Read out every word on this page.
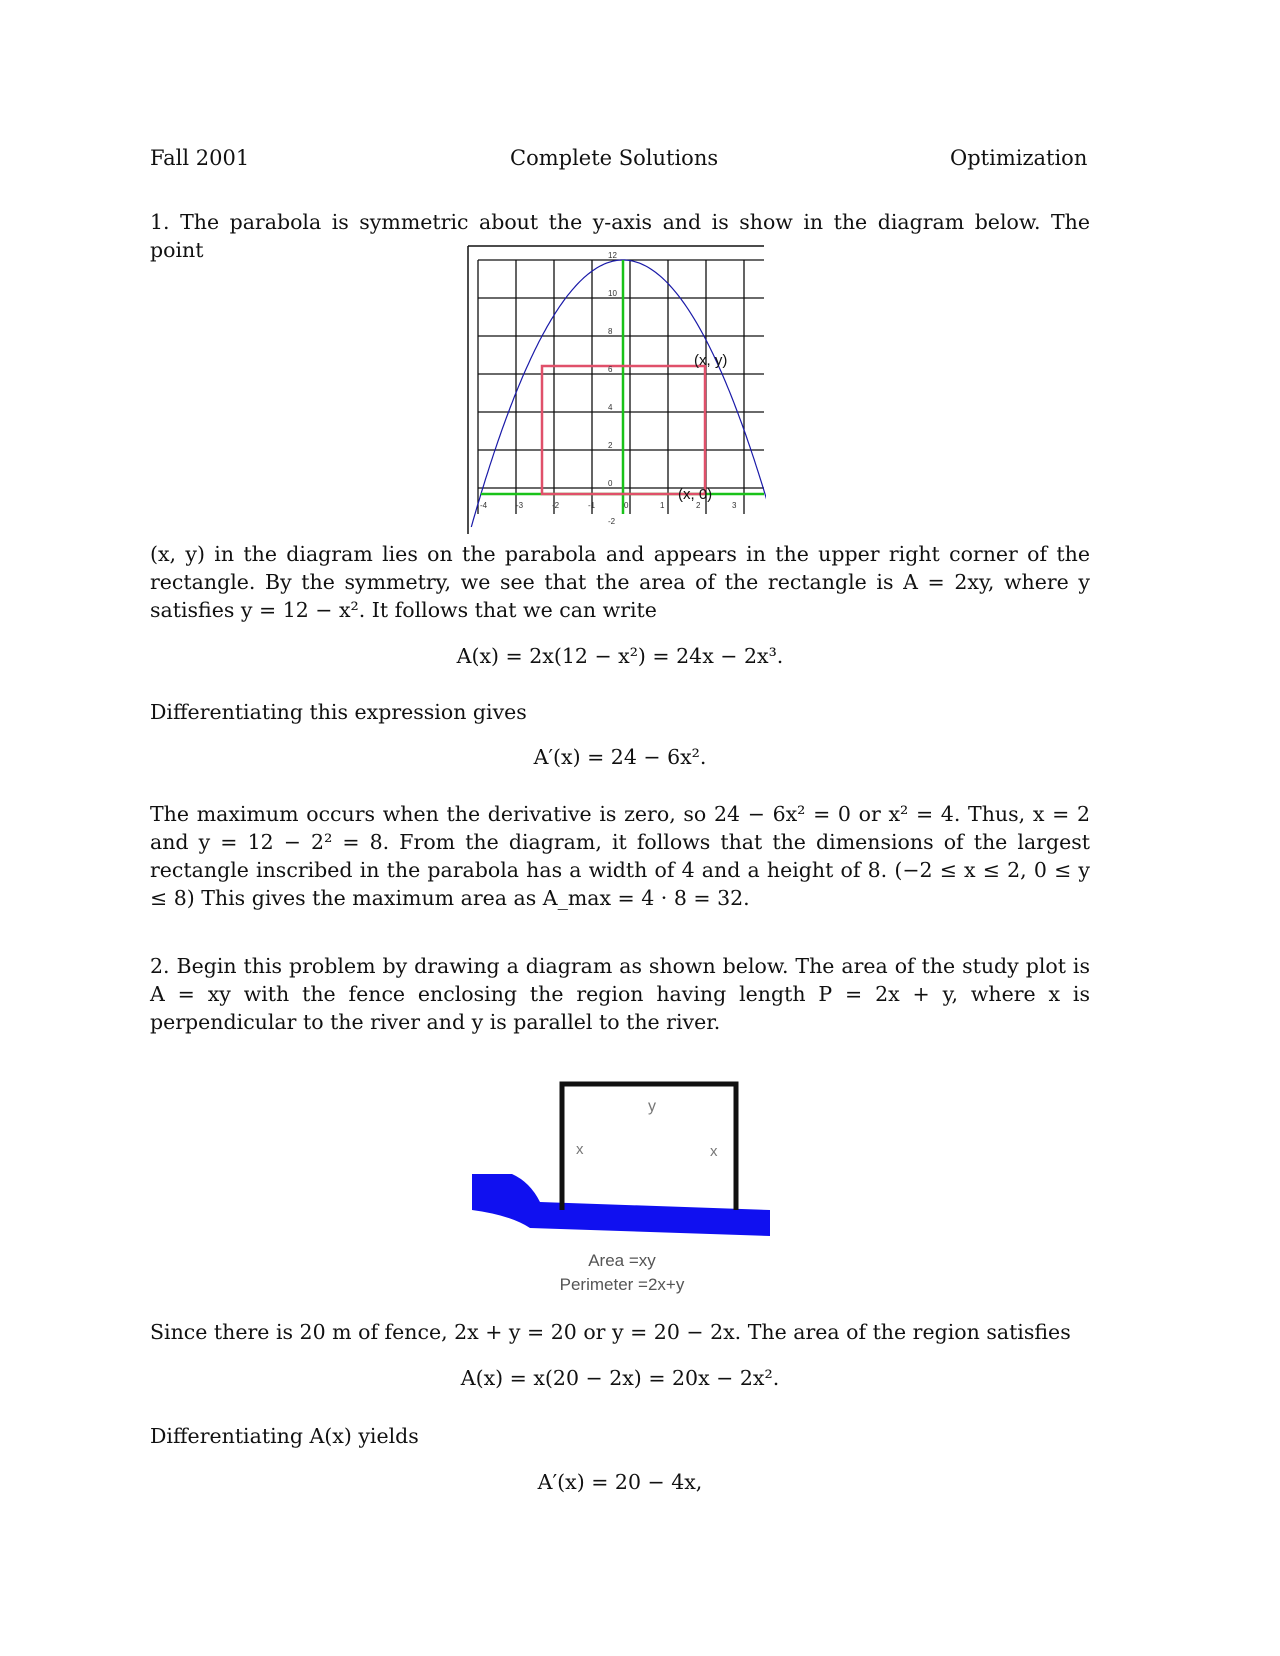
Fall 2001	Complete Solutions	Optimization
1. The parabola is symmetric about the y-axis and is show in the diagram below. The point	12
10
8
6
4
2
0
-2
-4	-3	-2	-1	0	1	2	3
(x, y)
(x, 0)
(x, y) in the diagram lies on the parabola and appears in the upper right corner of the rectangle. By the symmetry, we see that the area of the rectangle is A = 2xy, where y satisfies y = 12 − x². It follows that we can write
A(x) = 2x(12 − x²) = 24x − 2x³.
Differentiating this expression gives
A′(x) = 24 − 6x².
The maximum occurs when the derivative is zero, so 24 − 6x² = 0 or x² = 4. Thus, x = 2 and y = 12 − 2² = 8. From the diagram, it follows that the dimensions of the largest rectangle inscribed in the parabola has a width of 4 and a height of 8. (−2 ≤ x ≤ 2, 0 ≤ y ≤ 8) This gives the maximum area as A_max = 4 · 8 = 32.
2. Begin this problem by drawing a diagram as shown below. The area of the study plot is A = xy with the fence enclosing the region having length P = 2x + y, where x is perpendicular to the river and y is parallel to the river.
y
x	x
Area =xy
Perimeter =2x+y
Since there is 20 m of fence, 2x + y = 20 or y = 20 − 2x. The area of the region satisfies
A(x) = x(20 − 2x) = 20x − 2x².
Differentiating A(x) yields
A′(x) = 20 − 4x,
